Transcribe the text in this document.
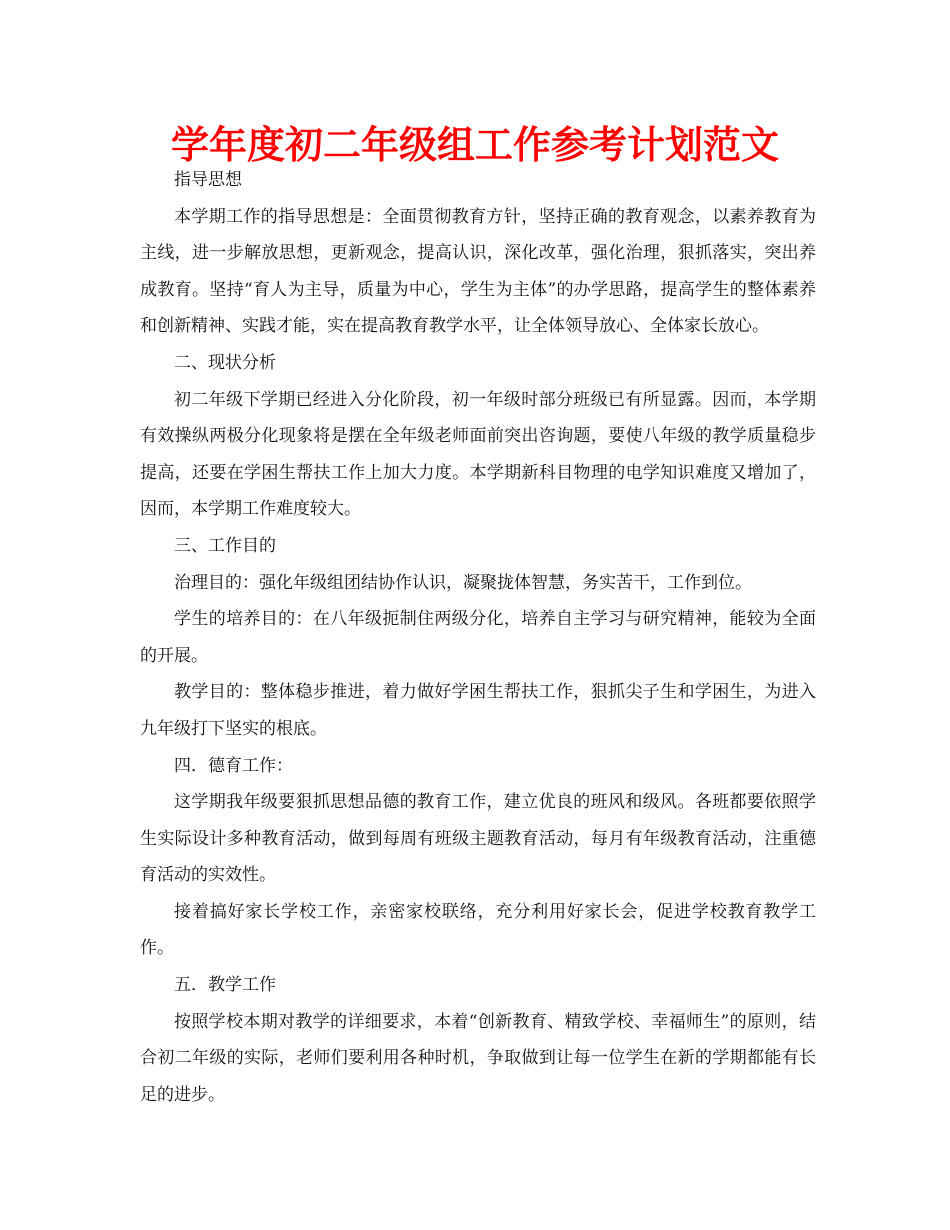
学年度初二年级组工作参考计划范文

指导思想

本学期工作的指导思想是：全面贯彻教育方针，坚持正确的教育观念，以素养教育为主线，进一步解放思想，更新观念，提高认识，深化改革，强化治理，狠抓落实，突出养成教育。坚持“育人为主导，质量为中心，学生为主体”的办学思路，提高学生的整体素养和创新精神、实践才能，实在提高教育教学水平，让全体领导放心、全体家长放心。

二、现状分析

初二年级下学期已经进入分化阶段，初一年级时部分班级已有所显露。因而，本学期有效操纵两极分化现象将是摆在全年级老师面前突出咨询题，要使八年级的教学质量稳步提高，还要在学困生帮扶工作上加大力度。本学期新科目物理的电学知识难度又增加了，因而，本学期工作难度较大。

三、工作目的

治理目的：强化年级组团结协作认识，凝聚拢体智慧，务实苦干，工作到位。

学生的培养目的：在八年级扼制住两级分化，培养自主学习与研究精神，能较为全面的开展。

教学目的：整体稳步推进，着力做好学困生帮扶工作，狠抓尖子生和学困生，为进入九年级打下坚实的根底。

四．德育工作：

这学期我年级要狠抓思想品德的教育工作，建立优良的班风和级风。各班都要依照学生实际设计多种教育活动，做到每周有班级主题教育活动，每月有年级教育活动，注重德育活动的实效性。

接着搞好家长学校工作，亲密家校联络，充分利用好家长会，促进学校教育教学工作。

五．教学工作

按照学校本期对教学的详细要求，本着“创新教育、精致学校、幸福师生”的原则，结合初二年级的实际，老师们要利用各种时机，争取做到让每一位学生在新的学期都能有长足的进步。
